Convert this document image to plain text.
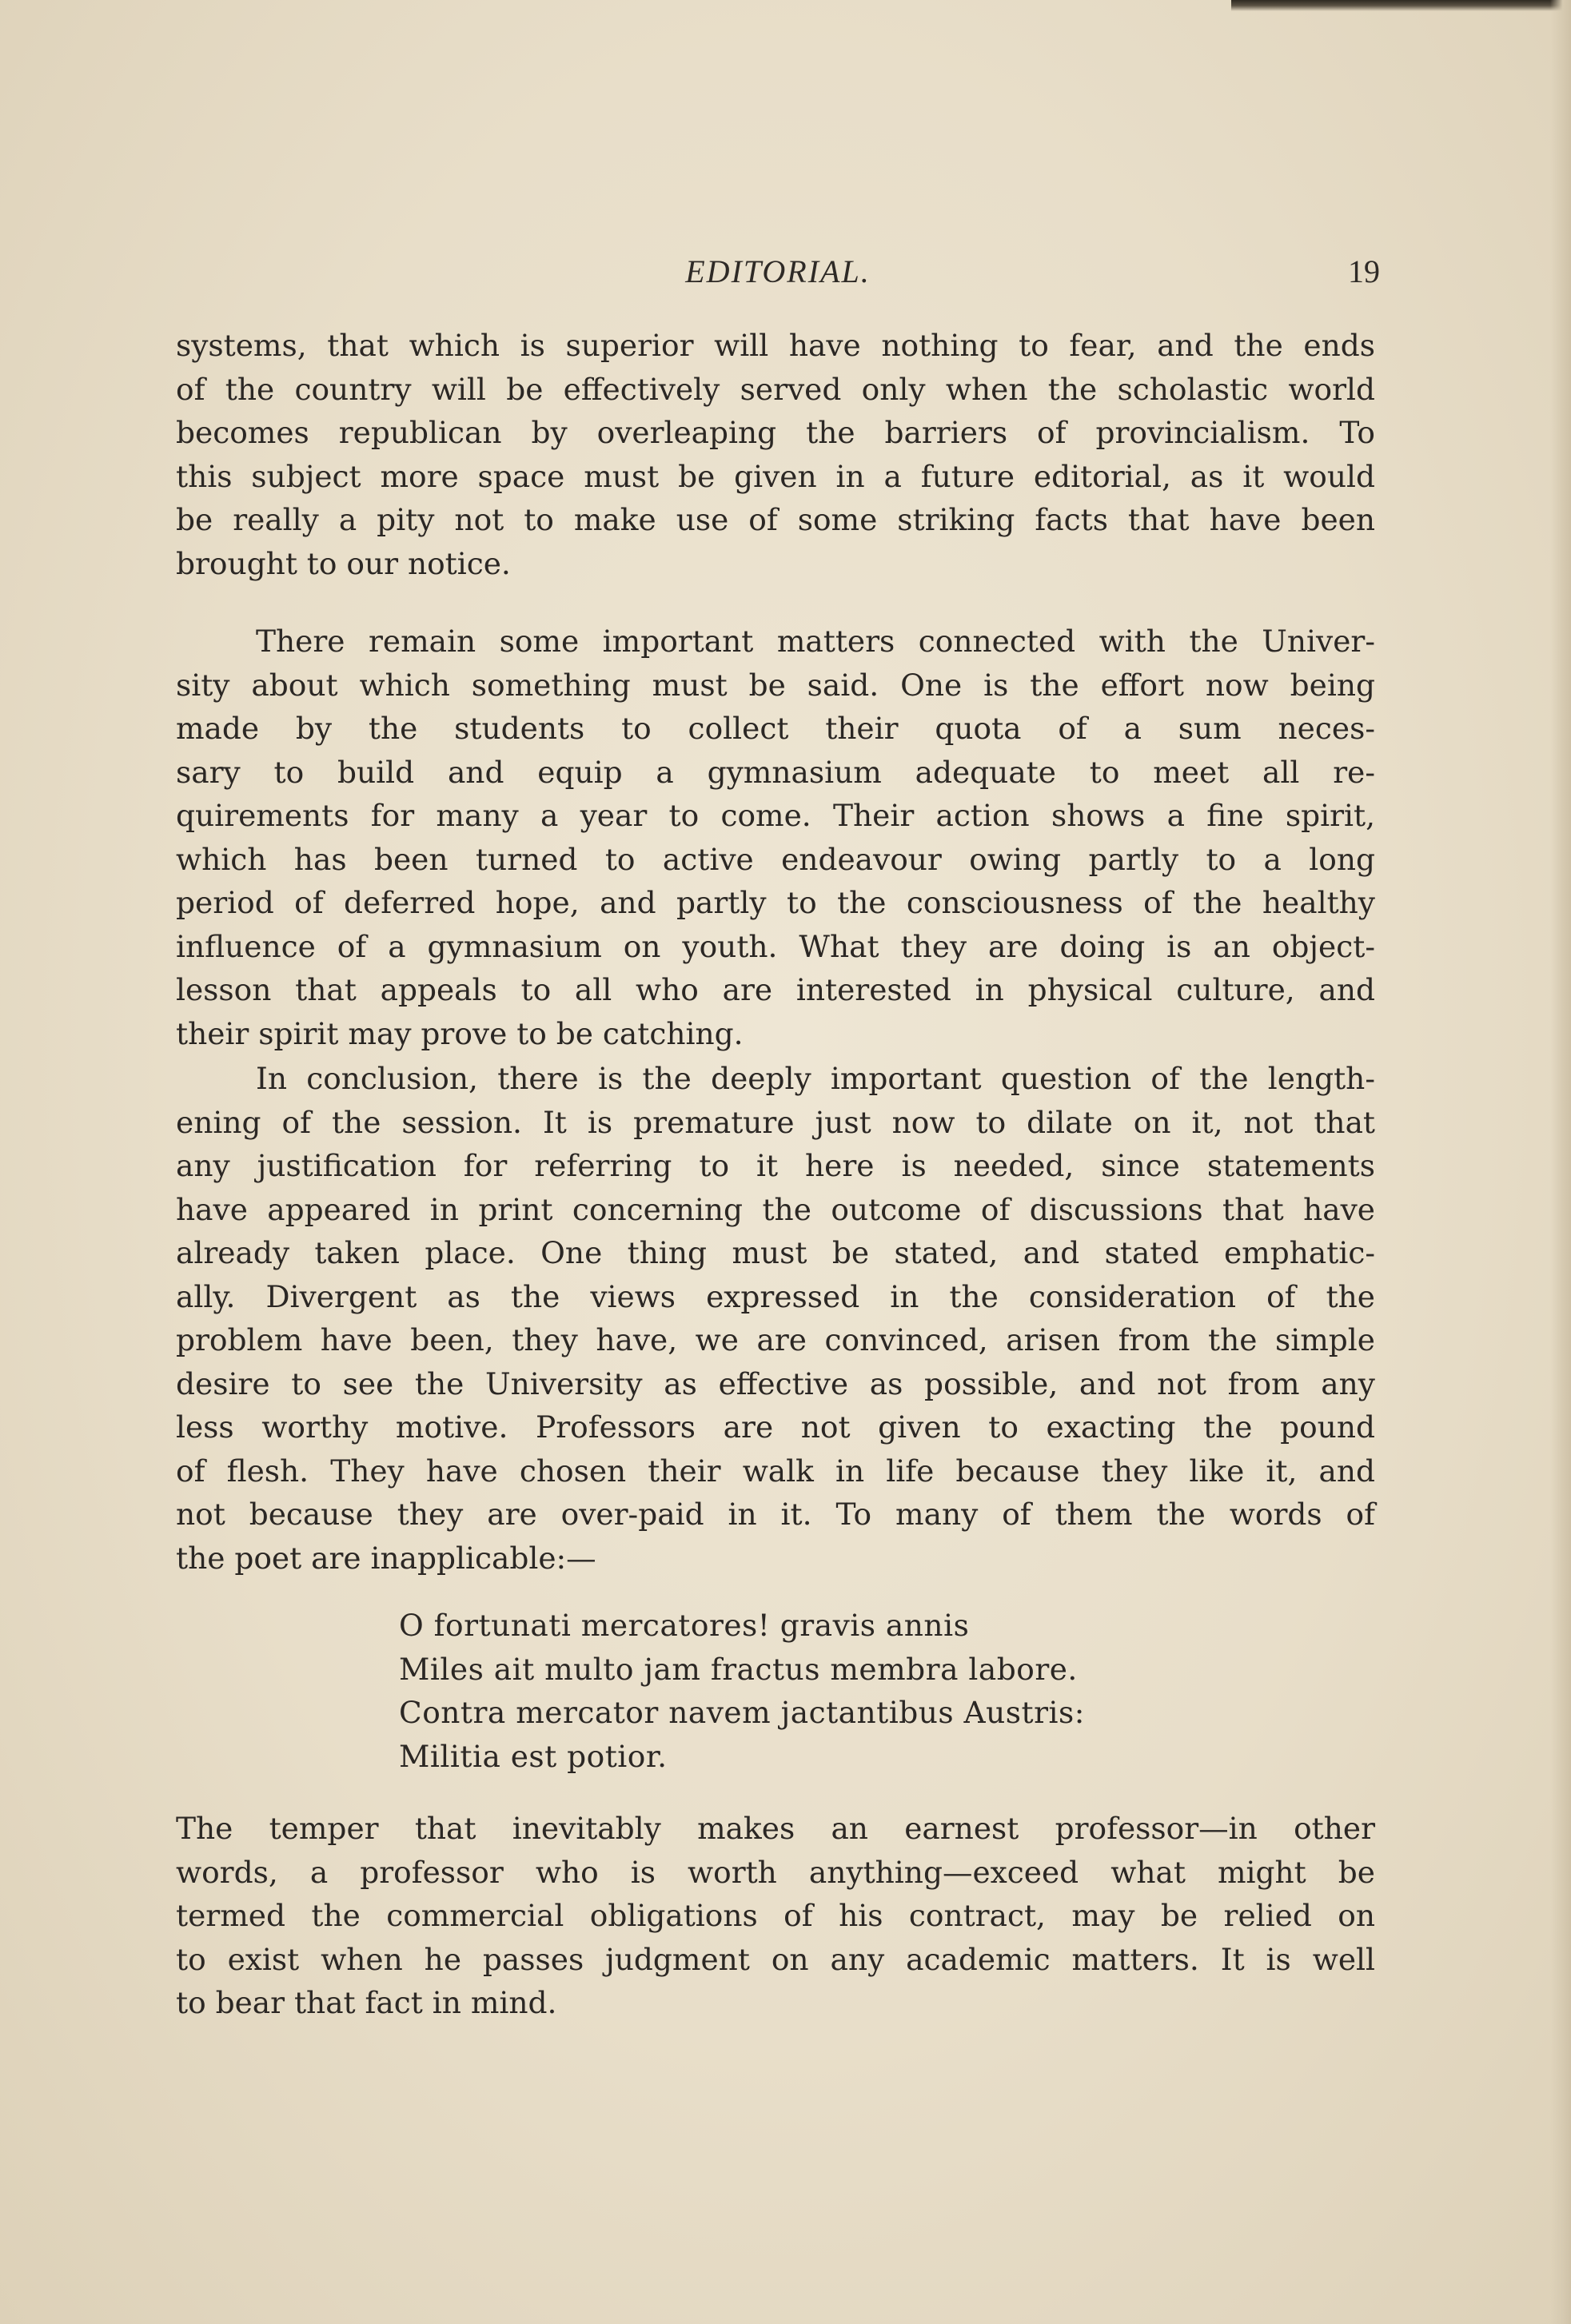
EDITORIAL.	19
systems, that which is superior will have nothing to fear, and the ends
of the country will be effectively served only when the scholastic world
becomes republican by overleaping the barriers of provincialism. To
this subject more space must be given in a future editorial, as it would
be really a pity not to make use of some striking facts that have been
brought to our notice.
There remain some important matters connected with the Univer-
sity about which something must be said. One is the effort now being
made by the students to collect their quota of a sum neces-
sary to build and equip a gymnasium adequate to meet all re-
quirements for many a year to come. Their action shows a fine spirit,
which has been turned to active endeavour owing partly to a long
period of deferred hope, and partly to the consciousness of the healthy
influence of a gymnasium on youth. What they are doing is an object-
lesson that appeals to all who are interested in physical culture, and
their spirit may prove to be catching.
In conclusion, there is the deeply important question of the length-
ening of the session. It is premature just now to dilate on it, not that
any justification for referring to it here is needed, since statements
have appeared in print concerning the outcome of discussions that have
already taken place. One thing must be stated, and stated emphatic-
ally. Divergent as the views expressed in the consideration of the
problem have been, they have, we are convinced, arisen from the simple
desire to see the University as effective as possible, and not from any
less worthy motive. Professors are not given to exacting the pound
of flesh. They have chosen their walk in life because they like it, and
not because they are over-paid in it. To many of them the words of
the poet are inapplicable:—
O fortunati mercatores! gravis annis
Miles ait multo jam fractus membra labore.
Contra mercator navem jactantibus Austris:
Militia est potior.
The temper that inevitably makes an earnest professor—in other
words, a professor who is worth anything—exceed what might be
termed the commercial obligations of his contract, may be relied on
to exist when he passes judgment on any academic matters. It is well
to bear that fact in mind.
